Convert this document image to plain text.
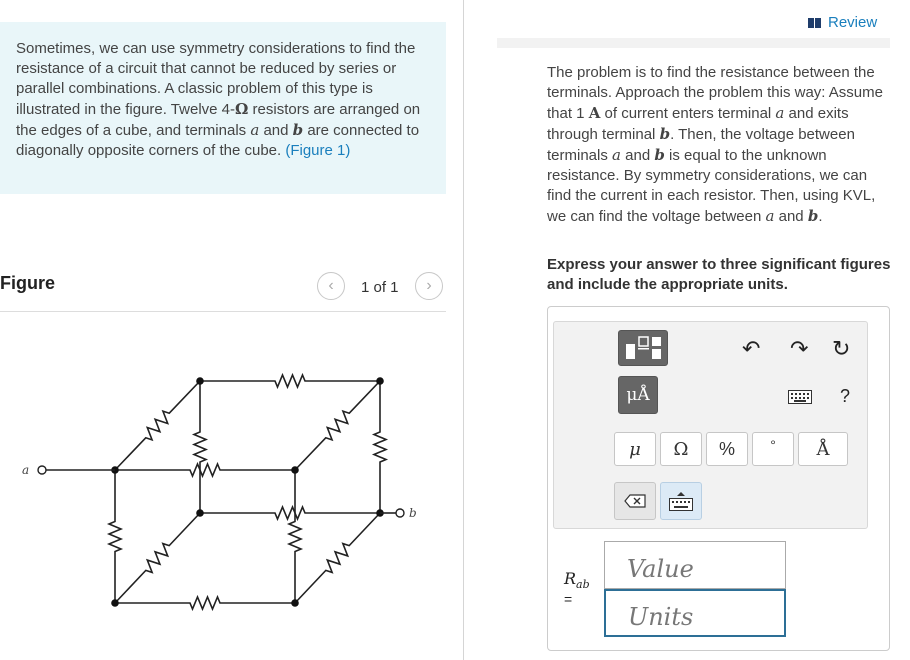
Sometimes, we can use symmetry considerations to find the resistance of a circuit that cannot be reduced by series or parallel combinations. A classic problem of this type is illustrated in the figure. Twelve 4-Ω resistors are arranged on the edges of a cube, and terminals a and b are connected to diagonally opposite corners of the cube. (Figure 1)
Figure	‹	1 of 1	›
a
b
Review
The problem is to find the resistance between the terminals. Approach the problem this way: Assume that 1 A of current enters terminal a and exits through terminal b. Then, the voltage between terminals a and b is equal to the unknown resistance. By symmetry considerations, we can find the current in each resistor. Then, using KVL, we can find the voltage between a and b.
Express your answer to three significant figures and include the appropriate units.
μÅ
↶ ↷ ↻
?
μ Ω %	° Å
$R_{ab}$
=
Value
Units
